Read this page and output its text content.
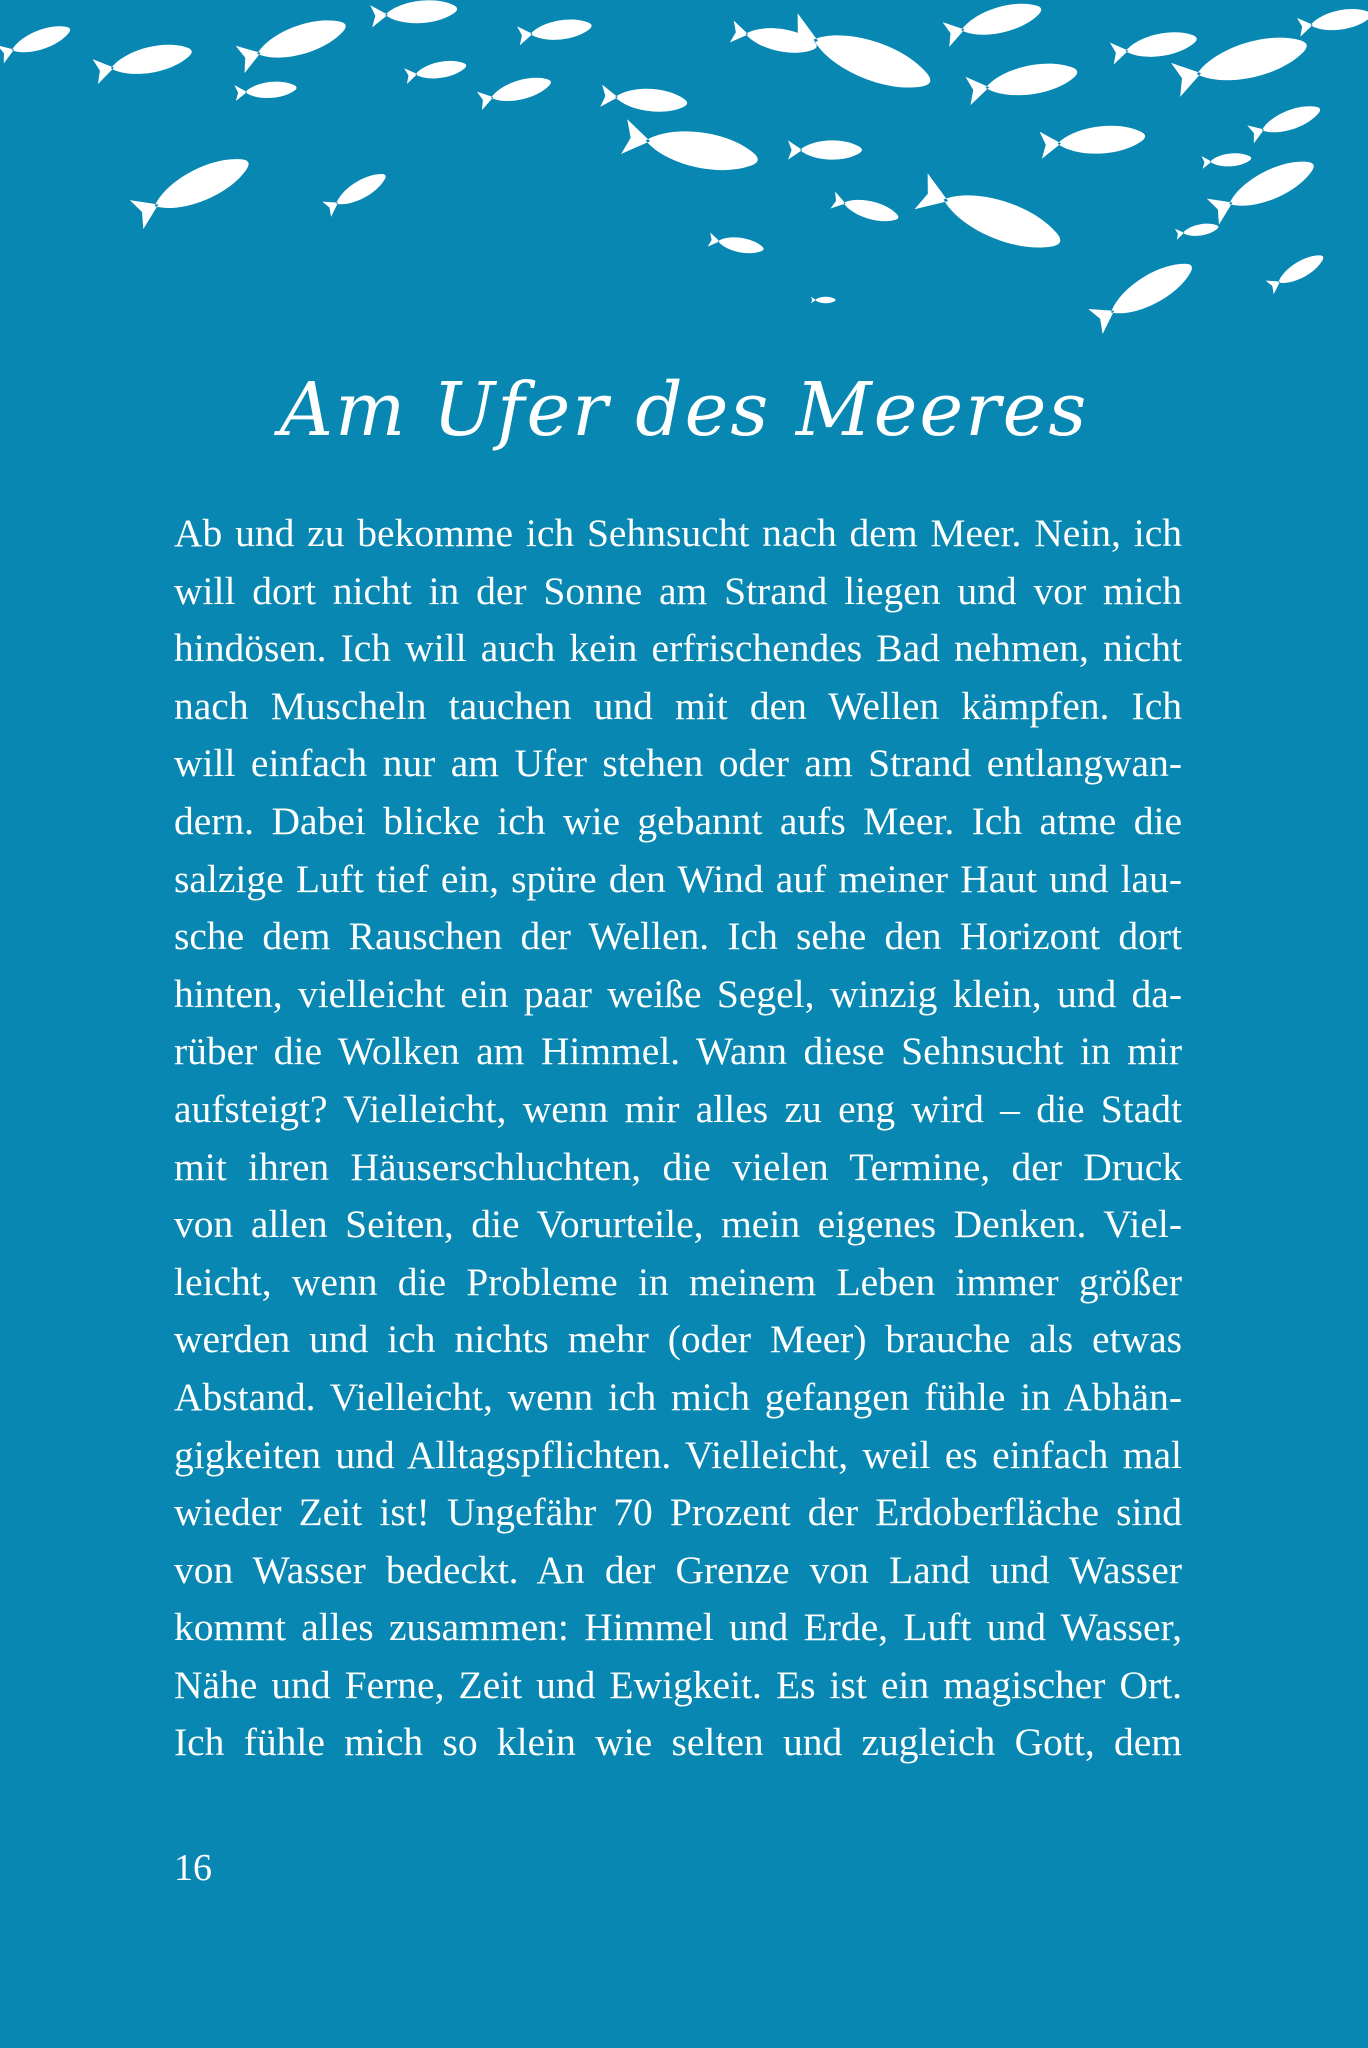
Am Ufer des Meeres
Ab und zu bekomme ich Sehnsucht nach dem Meer. Nein, ich
will dort nicht in der Sonne am Strand liegen und vor mich
hindösen. Ich will auch kein erfrischendes Bad nehmen, nicht
nach Muscheln tauchen und mit den Wellen kämpfen. Ich
will einfach nur am Ufer stehen oder am Strand entlangwan-
dern. Dabei blicke ich wie gebannt aufs Meer. Ich atme die
salzige Luft tief ein, spüre den Wind auf meiner Haut und lau-
sche dem Rauschen der Wellen. Ich sehe den Horizont dort
hinten, vielleicht ein paar weiße Segel, winzig klein, und da-
rüber die Wolken am Himmel. Wann diese Sehnsucht in mir
aufsteigt? Vielleicht, wenn mir alles zu eng wird – die Stadt
mit ihren Häuserschluchten, die vielen Termine, der Druck
von allen Seiten, die Vorurteile, mein eigenes Denken. Viel-
leicht, wenn die Probleme in meinem Leben immer größer
werden und ich nichts mehr (oder Meer) brauche als etwas
Abstand. Vielleicht, wenn ich mich gefangen fühle in Abhän-
gigkeiten und Alltagspflichten. Vielleicht, weil es einfach mal
wieder Zeit ist! Ungefähr 70 Prozent der Erdoberfläche sind
von Wasser bedeckt. An der Grenze von Land und Wasser
kommt alles zusammen: Himmel und Erde, Luft und Wasser,
Nähe und Ferne, Zeit und Ewigkeit. Es ist ein magischer Ort.
Ich fühle mich so klein wie selten und zugleich Gott, dem
16
